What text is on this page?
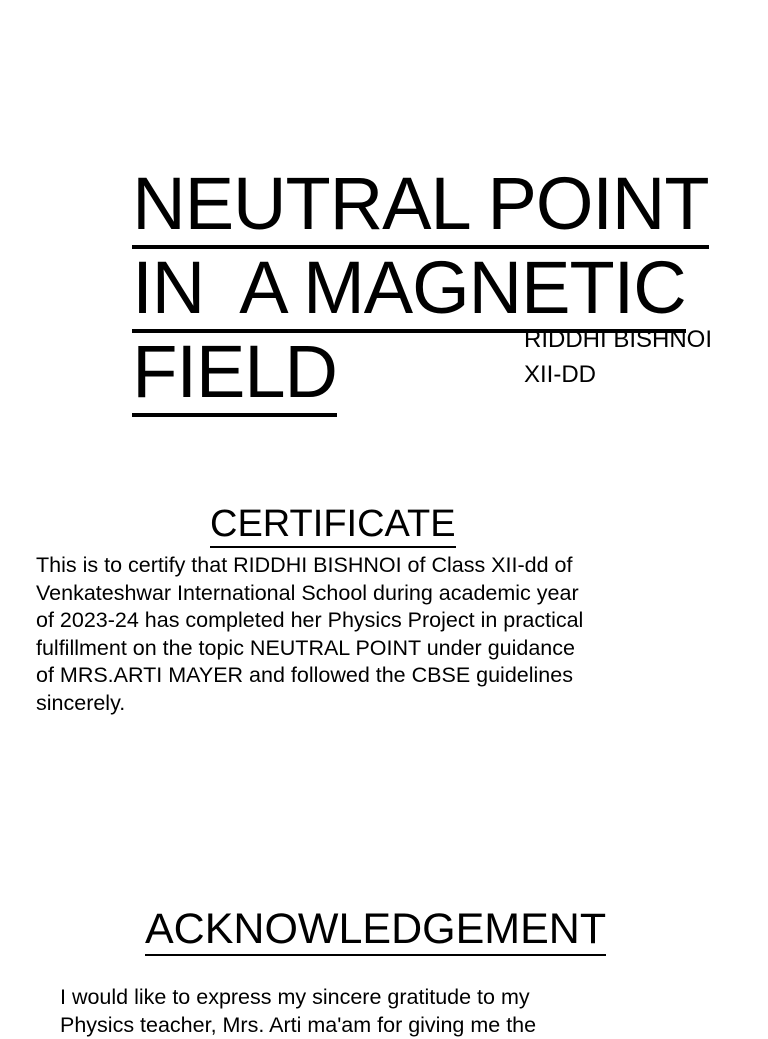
NEUTRAL POINT

IN  A MAGNETIC

FIELD
	RIDDHI BISHNOI
XII-DD
CERTIFICATE
This is to certify that RIDDHI BISHNOI of Class XII-dd of
Venkateshwar International School during academic year
of 2023-24 has completed her Physics Project in practical
fulfillment on the topic NEUTRAL POINT under guidance
of MRS.ARTI MAYER and followed the CBSE guidelines
sincerely.
ACKNOWLEDGEMENT
I would like to express my sincere gratitude to my
Physics teacher, Mrs. Arti ma'am for giving me the
